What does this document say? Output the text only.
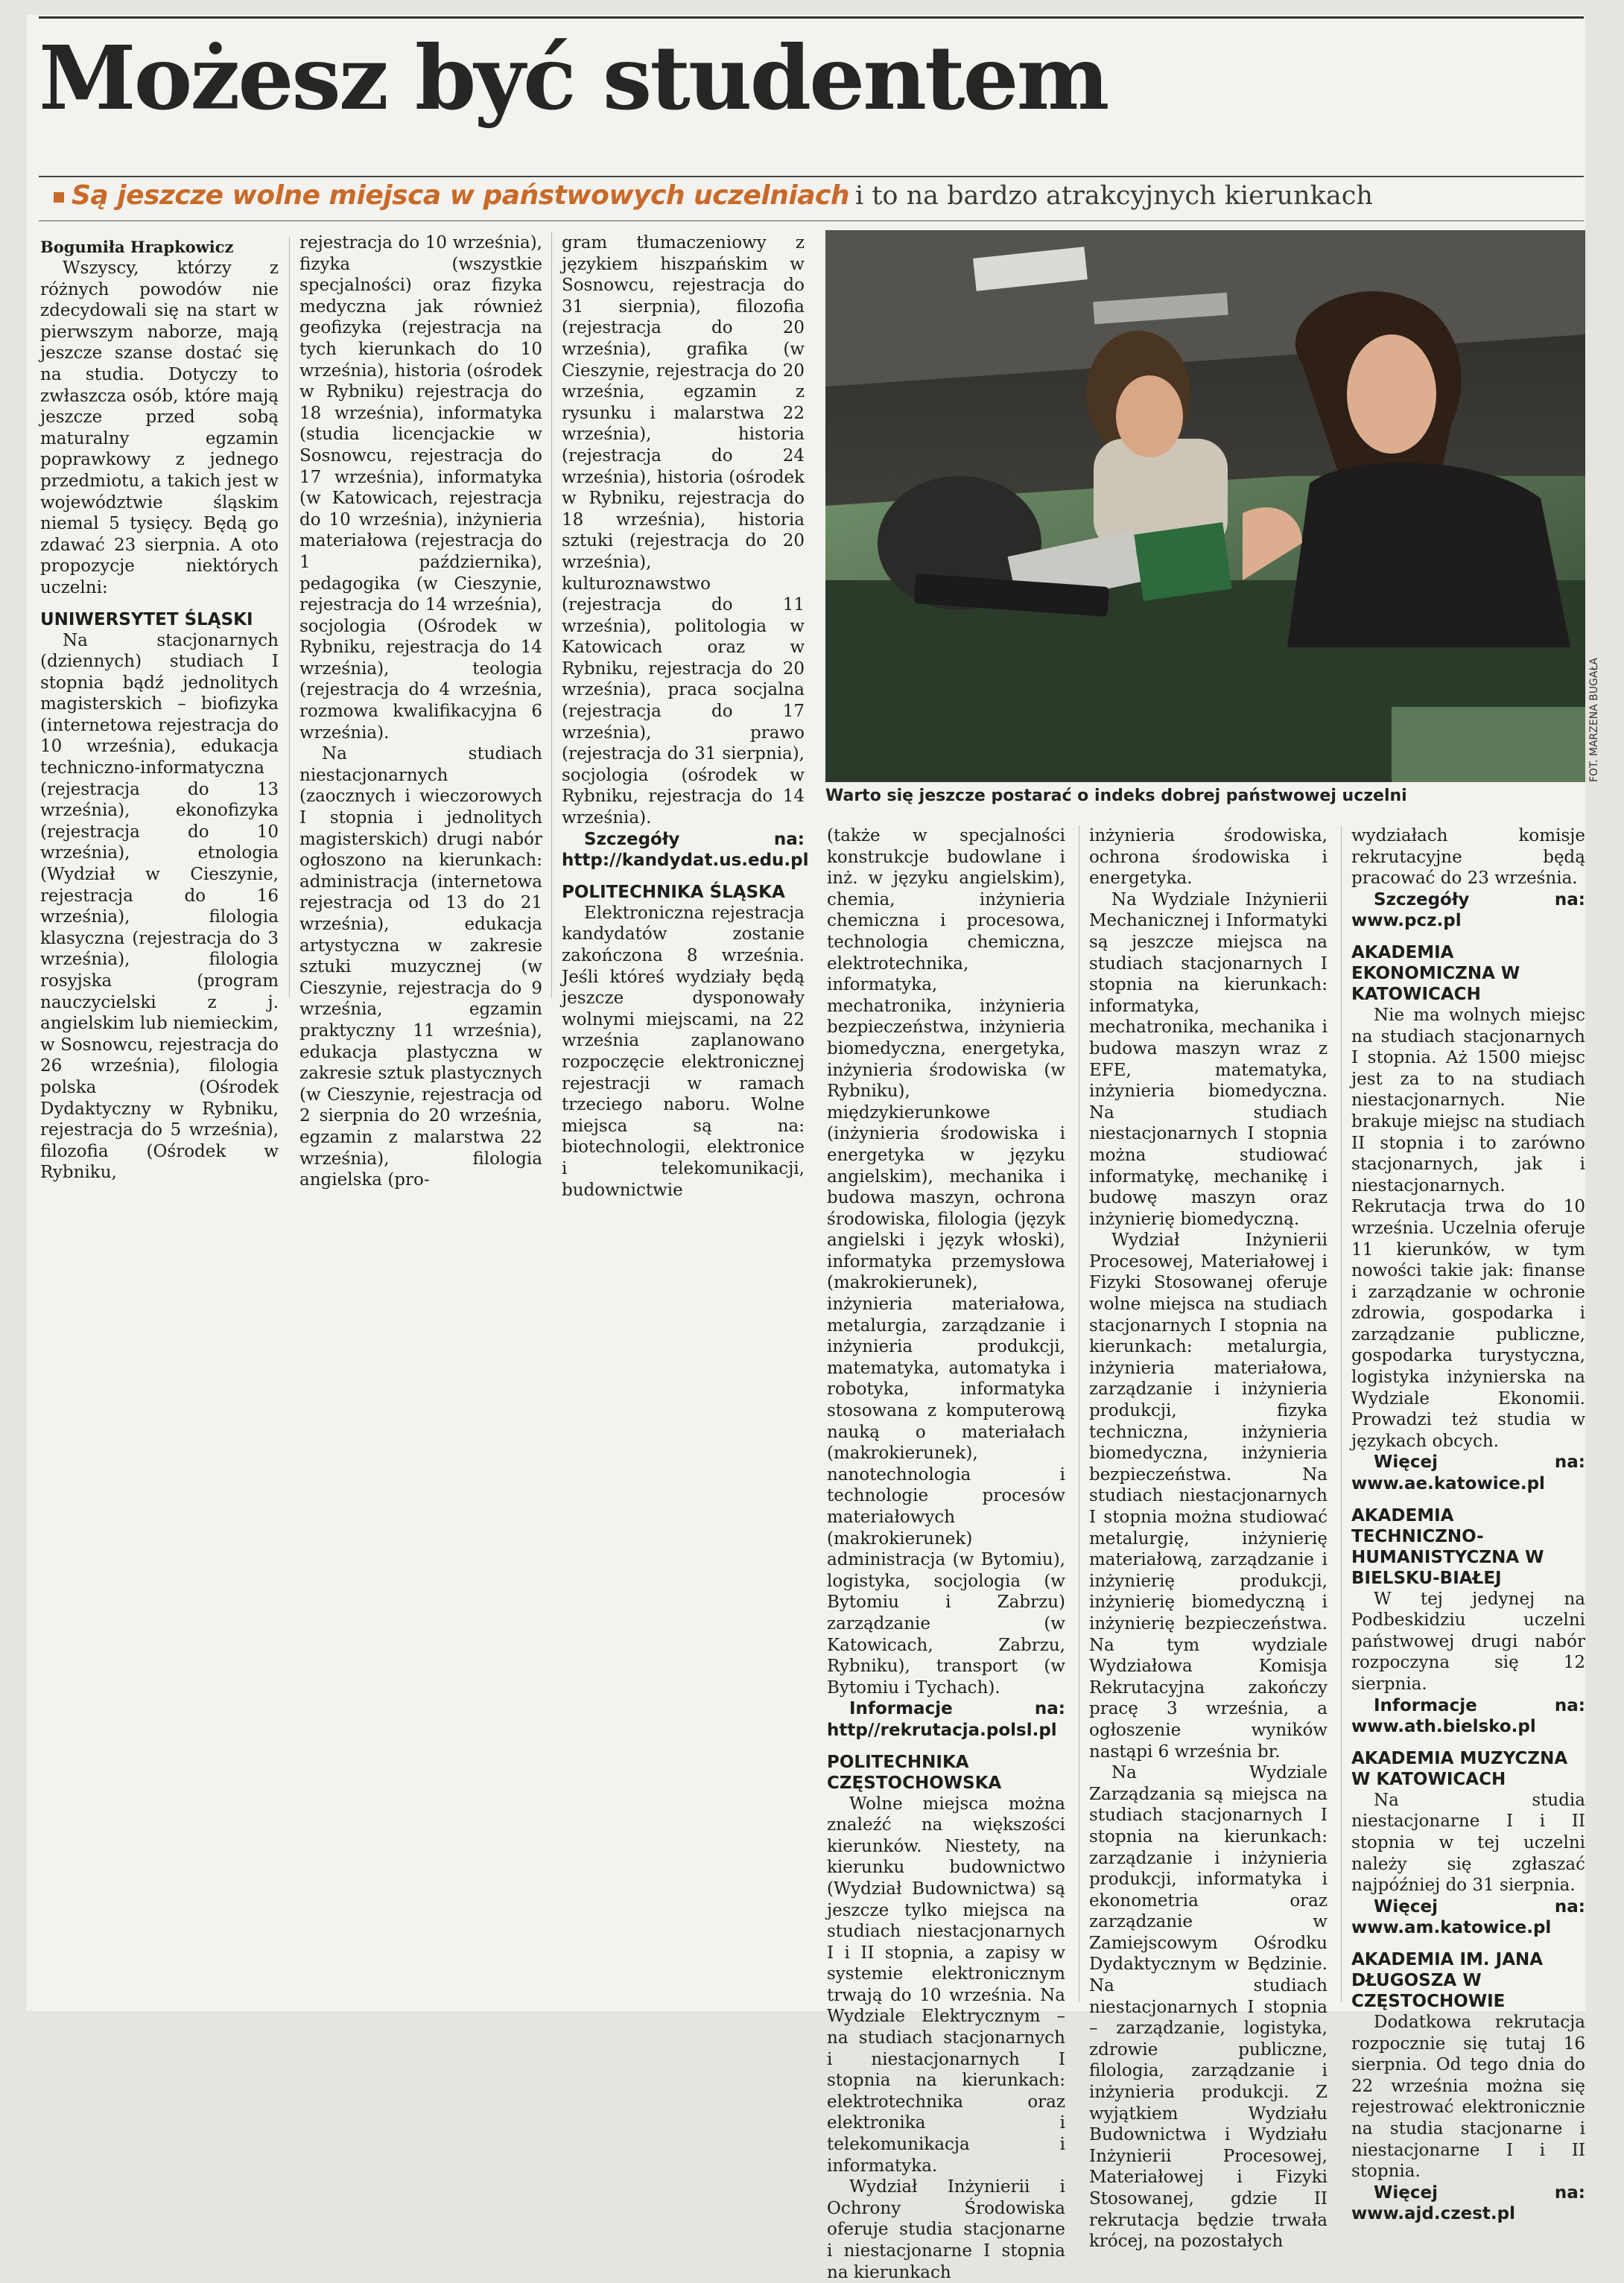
Możesz być studentem
Są jeszcze wolne miejsca w państwowych uczelniach i to na bardzo atrakcyjnych kierunkach

Bogumiła Hrapkowicz

Wszyscy, którzy z różnych powodów nie zdecydowali się na start w pierwszym naborze, mają jeszcze szanse dostać się na studia. Dotyczy to zwłaszcza osób, które mają jeszcze przed sobą maturalny egzamin poprawkowy z jednego przedmiotu, a takich jest w województwie śląskim niemal 5 tysięcy. Będą go zdawać 23 sierpnia. A oto propozycje niektórych uczelni:

UNIWERSYTET ŚLĄSKI

Na stacjonarnych (dziennych) studiach I stopnia bądź jednolitych magisterskich – biofizyka (internetowa rejestracja do 10 września), edukacja techniczno-informatyczna (rejestracja do 13 września), ekonofizyka (rejestracja do 10 września), etnologia (Wydział w Cieszynie, rejestracja do 16 września), filologia klasyczna (rejestracja do 3 września), filologia rosyjska (program nauczycielski z j. angielskim lub niemieckim, w Sosnowcu, rejestracja do 26 września), filologia polska (Ośrodek Dydaktyczny w Rybniku, rejestracja do 5 września), filozofia (Ośrodek w Rybniku,

rejestracja do 10 września), fizyka (wszystkie specjalności) oraz fizyka medyczna jak również geofizyka (rejestracja na tych kierunkach do 10 września), historia (ośrodek w Rybniku) rejestracja do 18 września), informatyka (studia licencjackie w Sosnowcu, rejestracja do 17 września), informatyka (w Katowicach, rejestracja do 10 września), inżynieria materiałowa (rejestracja do 1 października), pedagogika (w Cieszynie, rejestracja do 14 września), socjologia (Ośrodek w Rybniku, rejestracja do 14 września), teologia (rejestracja do 4 września, rozmowa kwalifikacyjna 6 września).

Na studiach niestacjonarnych (zaocznych i wieczorowych I stopnia i jednolitych magisterskich) drugi nabór ogłoszono na kierunkach: administracja (internetowa rejestracja od 13 do 21 września), edukacja artystyczna w zakresie sztuki muzycznej (w Cieszynie, rejestracja do 9 września, egzamin praktyczny 11 września), edukacja plastyczna w zakresie sztuk plastycznych (w Cieszynie, rejestracja od 2 sierpnia do 20 września, egzamin z malarstwa 22 września), filologia angielska (pro-

gram tłumaczeniowy z językiem hiszpańskim w Sosnowcu, rejestracja do 31 sierpnia), filozofia (rejestracja do 20 września), grafika (w Cieszynie, rejestracja do 20 września, egzamin z rysunku i malarstwa 22 września), historia (rejestracja do 24 września), historia (ośrodek w Rybniku, rejestracja do 18 września), historia sztuki (rejestracja do 20 września), kulturoznawstwo (rejestracja do 11 września), politologia w Katowicach oraz w Rybniku, rejestracja do 20 września), praca socjalna (rejestracja do 17 września), prawo (rejestracja do 31 sierpnia), socjologia (ośrodek w Rybniku, rejestracja do 14 września).

Szczegóły na: http://kandydat.us.edu.pl

POLITECHNIKA ŚLĄSKA

Elektroniczna rejestracja kandydatów zostanie zakończona 8 września. Jeśli któreś wydziały będą jeszcze dysponowały wolnymi miejscami, na 22 września zaplanowano rozpoczęcie elektronicznej rejestracji w ramach trzeciego naboru. Wolne miejsca są na: biotechnologii, elektronice i telekomunikacji, budownictwie

FOT. MARZENA BUGAŁA
Warto się jeszcze postarać o indeks dobrej państwowej uczelni

(także w specjalności konstrukcje budowlane i inż. w języku angielskim), chemia, inżynieria chemiczna i procesowa, technologia chemiczna, elektrotechnika, informatyka, mechatronika, inżynieria bezpieczeństwa, inżynieria biomedyczna, energetyka, inżynieria środowiska (w Rybniku), międzykierunkowe (inżynieria środowiska i energetyka w języku angielskim), mechanika i budowa maszyn, ochrona środowiska, filologia (język angielski i język włoski), informatyka przemysłowa (makrokierunek), inżynieria materiałowa, metalurgia, zarządzanie i inżynieria produkcji, matematyka, automatyka i robotyka, informatyka stosowana z komputerową nauką o materiałach (makrokierunek), nanotechnologia i technologie procesów materiałowych (makrokierunek) administracja (w Bytomiu), logistyka, socjologia (w Bytomiu i Zabrzu) zarządzanie (w Katowicach, Zabrzu, Rybniku), transport (w Bytomiu i Tychach).

Informacje na: http//rekrutacja.polsl.pl

POLITECHNIKA CZĘSTOCHOWSKA

Wolne miejsca można znaleźć na większości kierunków. Niestety, na kierunku budownictwo (Wydział Budownictwa) są jeszcze tylko miejsca na studiach niestacjonarnych I i II stopnia, a zapisy w systemie elektronicznym trwają do 10 września. Na Wydziale Elektrycznym – na studiach stacjonarnych i niestacjonarnych I stopnia na kierunkach: elektrotechnika oraz elektronika i telekomunikacja i informatyka.

Wydział Inżynierii i Ochrony Środowiska oferuje studia stacjonarne i niestacjonarne I stopnia na kierunkach

inżynieria środowiska, ochrona środowiska i energetyka.

Na Wydziale Inżynierii Mechanicznej i Informatyki są jeszcze miejsca na studiach stacjonarnych I stopnia na kierunkach: informatyka, mechatronika, mechanika i budowa maszyn wraz z EFE, matematyka, inżynieria biomedyczna. Na studiach niestacjonarnych I stopnia można studiować informatykę, mechanikę i budowę maszyn oraz inżynierię biomedyczną.

Wydział Inżynierii Procesowej, Materiałowej i Fizyki Stosowanej oferuje wolne miejsca na studiach stacjonarnych I stopnia na kierunkach: metalurgia, inżynieria materiałowa, zarządzanie i inżynieria produkcji, fizyka techniczna, inżynieria biomedyczna, inżynieria bezpieczeństwa. Na studiach niestacjonarnych I stopnia można studiować metalurgię, inżynierię materiałową, zarządzanie i inżynierię produkcji, inżynierię biomedyczną i inżynierię bezpieczeństwa. Na tym wydziale Wydziałowa Komisja Rekrutacyjna zakończy pracę 3 września, a ogłoszenie wyników nastąpi 6 września br.

Na Wydziale Zarządzania są miejsca na studiach stacjonarnych I stopnia na kierunkach: zarządzanie i inżynieria produkcji, informatyka i ekonometria oraz zarządzanie w Zamiejscowym Ośrodku Dydaktycznym w Będzinie. Na studiach niestacjonarnych I stopnia – zarządzanie, logistyka, zdrowie publiczne, filologia, zarządzanie i inżynieria produkcji. Z wyjątkiem Wydziału Budownictwa i Wydziału Inżynierii Procesowej, Materiałowej i Fizyki Stosowanej, gdzie II rekrutacja będzie trwała krócej, na pozostałych

wydziałach komisje rekrutacyjne będą pracować do 23 września.

Szczegóły na: www.pcz.pl

AKADEMIA EKONOMICZNA W KATOWICACH

Nie ma wolnych miejsc na studiach stacjonarnych I stopnia. Aż 1500 miejsc jest za to na studiach niestacjonarnych. Nie brakuje miejsc na studiach II stopnia i to zarówno stacjonarnych, jak i niestacjonarnych. Rekrutacja trwa do 10 września. Uczelnia oferuje 11 kierunków, w tym nowości takie jak: finanse i zarządzanie w ochronie zdrowia, gospodarka i zarządzanie publiczne, gospodarka turystyczna, logistyka inżynierska na Wydziale Ekonomii. Prowadzi też studia w językach obcych.

Więcej na: www.ae.katowice.pl

AKADEMIA TECHNICZNO-HUMANISTYCZNA W BIELSKU-BIAŁEJ

W tej jedynej na Podbeskidziu uczelni państwowej drugi nabór rozpoczyna się 12 sierpnia.

Informacje na: www.ath.bielsko.pl

AKADEMIA MUZYCZNA W KATOWICACH

Na studia niestacjonarne I i II stopnia w tej uczelni należy się zgłaszać najpóźniej do 31 sierpnia.

Więcej na: www.am.katowice.pl

AKADEMIA IM. JANA DŁUGOSZA W CZĘSTOCHOWIE

Dodatkowa rekrutacja rozpocznie się tutaj 16 sierpnia. Od tego dnia do 22 września można się rejestrować elektronicznie na studia stacjonarne i niestacjonarne I i II stopnia.

Więcej na: www.ajd.czest.pl
